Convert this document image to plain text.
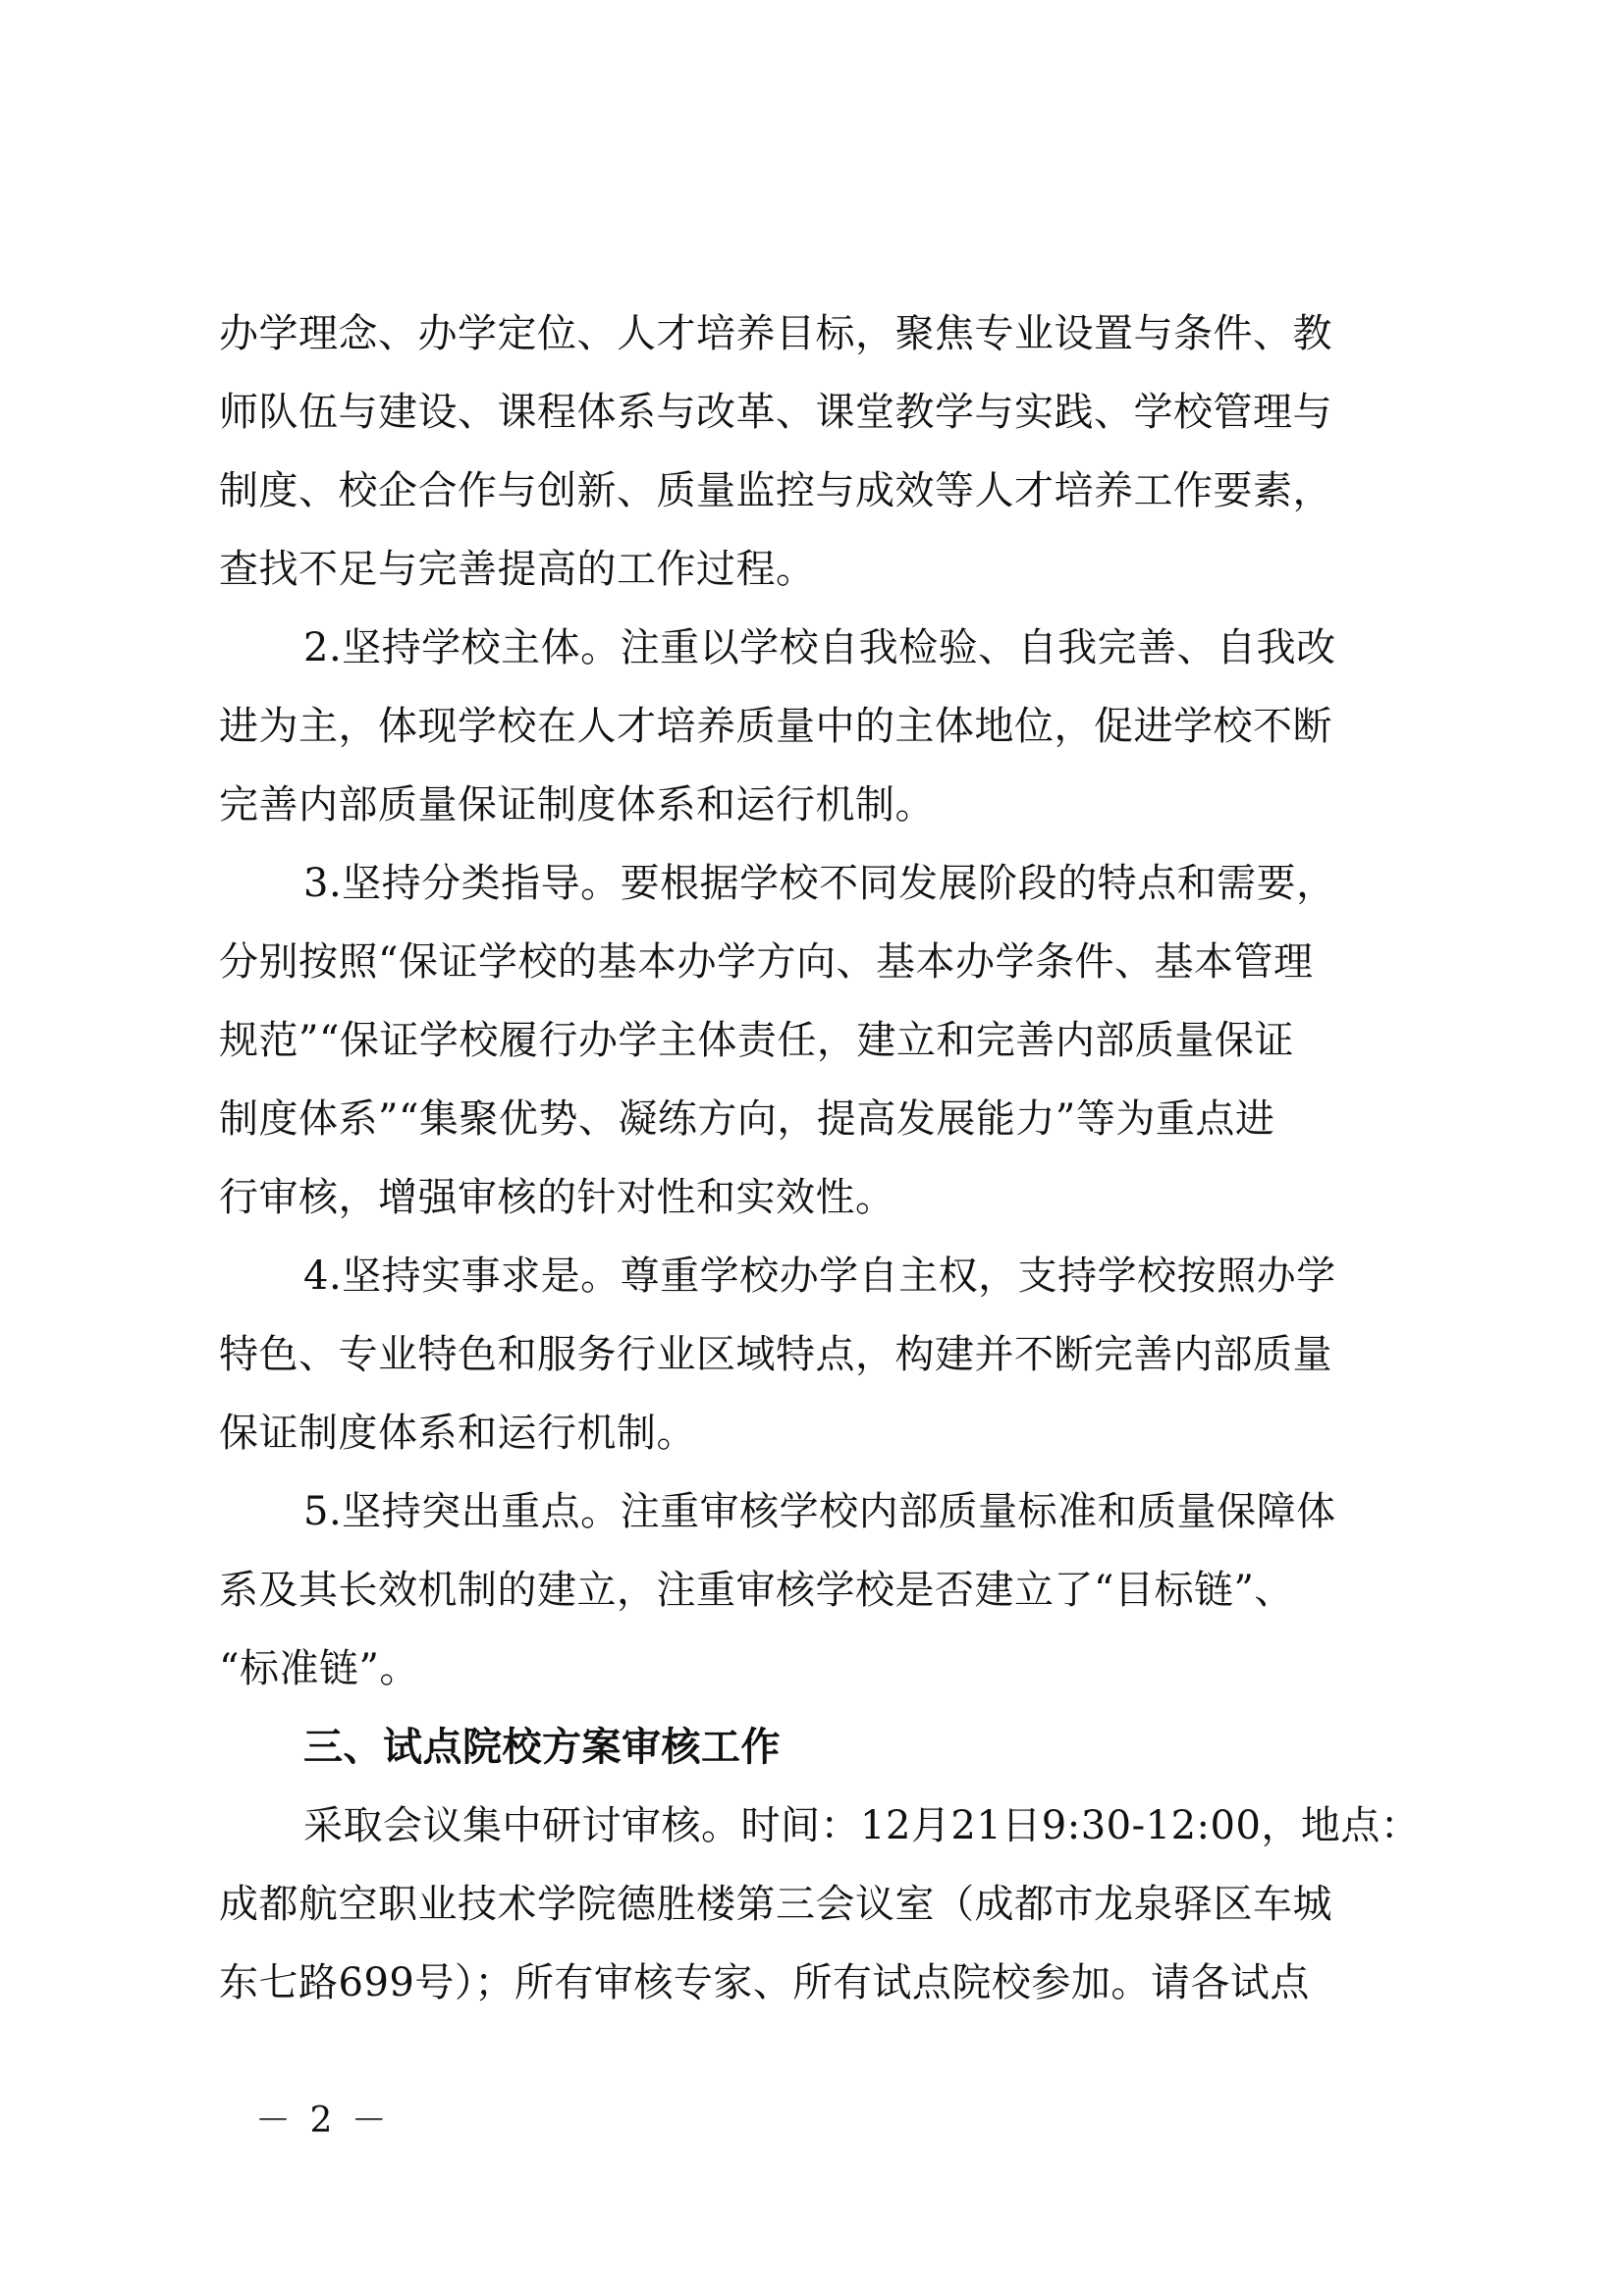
办学理念、办学定位、人才培养目标，聚焦专业设置与条件、教
师队伍与建设、课程体系与改革、课堂教学与实践、学校管理与
制度、校企合作与创新、质量监控与成效等人才培养工作要素，
查找不足与完善提高的工作过程。
2.坚持学校主体。注重以学校自我检验、自我完善、自我改
进为主，体现学校在人才培养质量中的主体地位，促进学校不断
完善内部质量保证制度体系和运行机制。
3.坚持分类指导。要根据学校不同发展阶段的特点和需要，
分别按照“保证学校的基本办学方向、基本办学条件、基本管理
规范”“保证学校履行办学主体责任，建立和完善内部质量保证
制度体系”“集聚优势、凝练方向，提高发展能力”等为重点进
行审核，增强审核的针对性和实效性。
4.坚持实事求是。尊重学校办学自主权，支持学校按照办学
特色、专业特色和服务行业区域特点，构建并不断完善内部质量
保证制度体系和运行机制。
5.坚持突出重点。注重审核学校内部质量标准和质量保障体
系及其长效机制的建立，注重审核学校是否建立了“目标链”、
“标准链”。
三、试点院校方案审核工作
采取会议集中研讨审核。时间：12月21日9:30-12:00，地点：
成都航空职业技术学院德胜楼第三会议室（成都市龙泉驿区车城
东七路699号）；所有审核专家、所有试点院校参加。请各试点
－ 2 －
